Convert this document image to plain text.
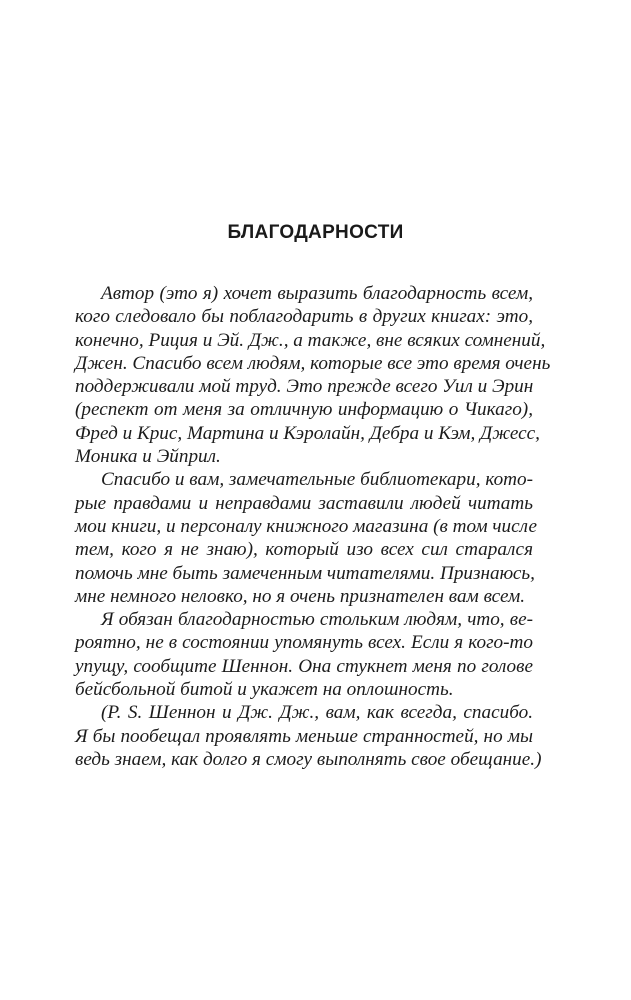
БЛАГОДАРНОСТИ
Автор (это я) хочет выразить благодарность всем,
кого следовало бы поблагодарить в других книгах: это,
конечно, Риция и Эй. Дж., а также, вне всяких сомнений,
Джен. Спасибо всем людям, которые все это время очень
поддерживали мой труд. Это прежде всего Уил и Эрин
(респект от меня за отличную информацию о Чикаго),
Фред и Крис, Мартина и Кэролайн, Дебра и Кэм, Джесс,
Моника и Эйприл.
Спасибо и вам, замечательные библиотекари, кото-
рые правдами и неправдами заставили людей читать
мои книги, и персоналу книжного магазина (в том числе
тем, кого я не знаю), который изо всех сил старался
помочь мне быть замеченным читателями. Признаюсь,
мне немного неловко, но я очень признателен вам всем.
Я обязан благодарностью стольким людям, что, ве-
роятно, не в состоянии упомянуть всех. Если я кого-то
упущу, сообщите Шеннон. Она стукнет меня по голове
бейсбольной битой и укажет на оплошность.
(P. S. Шеннон и Дж. Дж., вам, как всегда, спасибо.
Я бы пообещал проявлять меньше странностей, но мы
ведь знаем, как долго я смогу выполнять свое обещание.)
